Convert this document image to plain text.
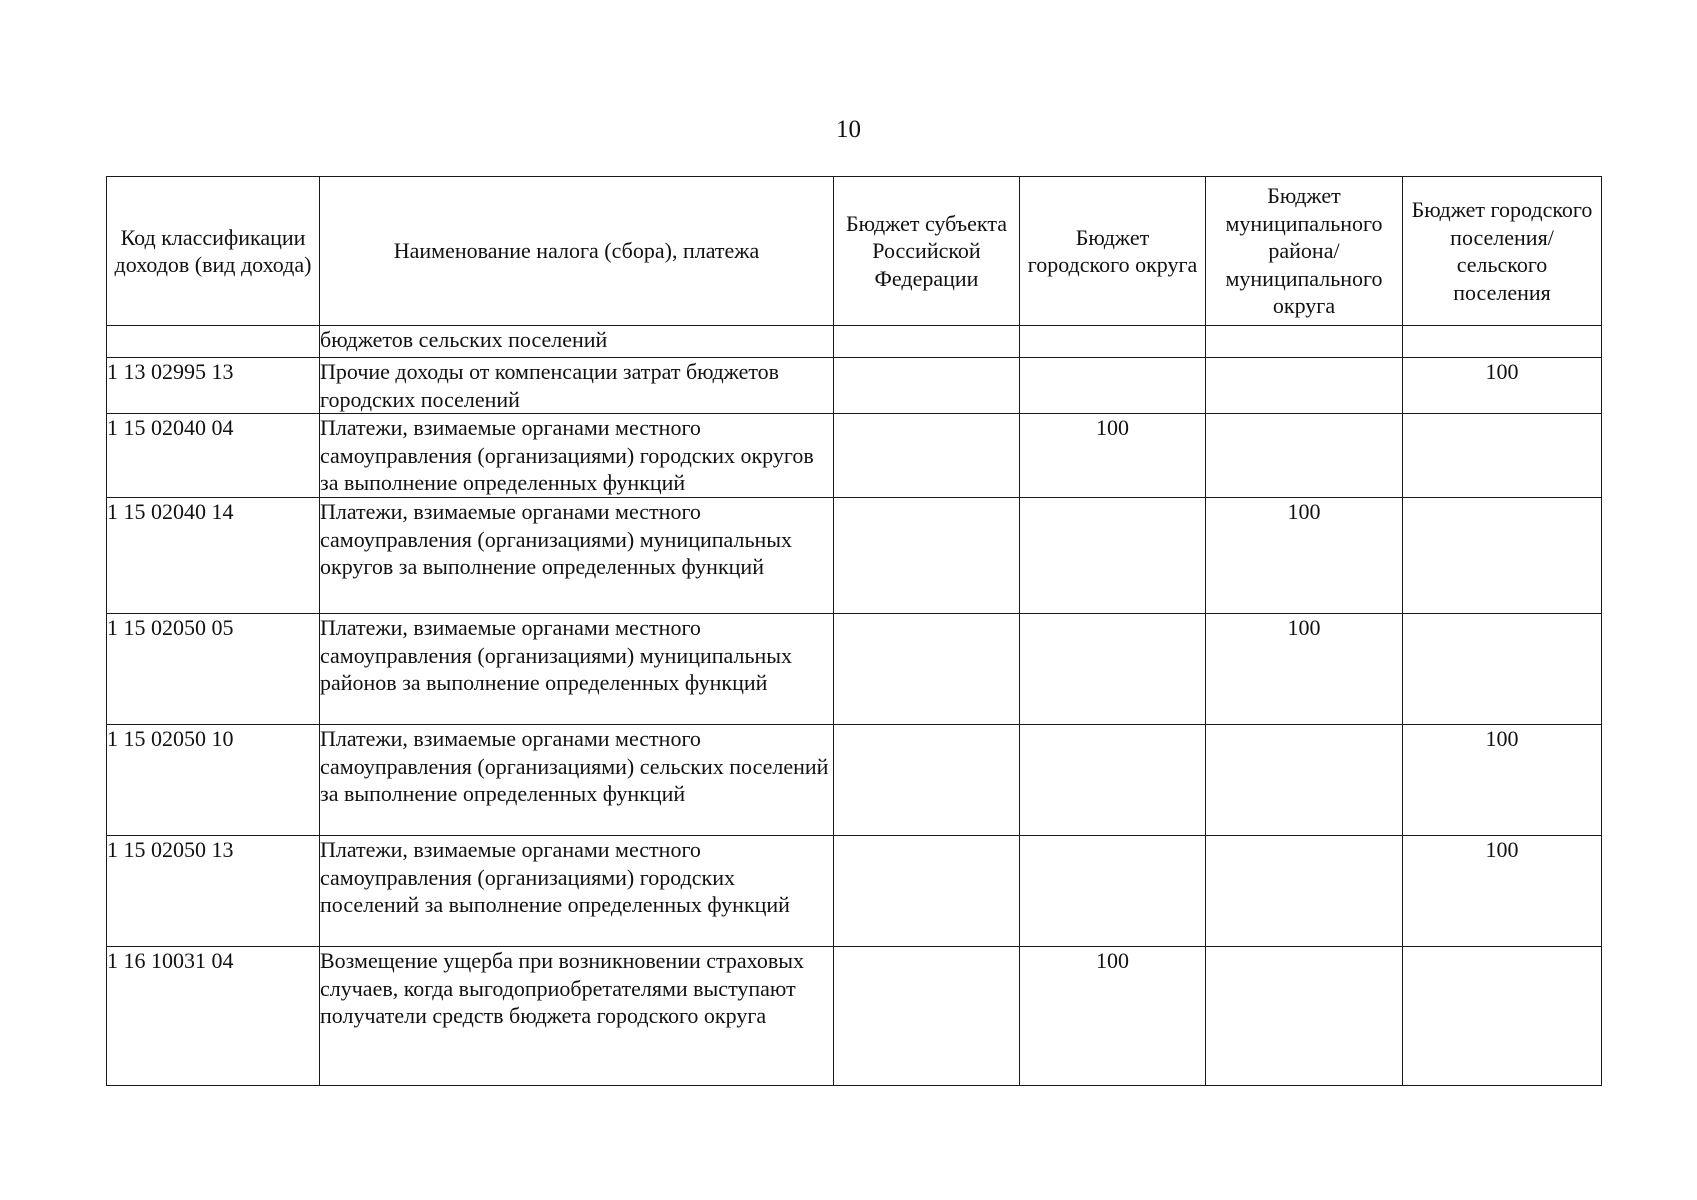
10
Код классификации доходов (вид дохода)	Наименование налога (сбора), платежа	Бюджет субъекта Российской Федерации	Бюджет городского округа	Бюджет муниципального района/ муниципального округа	Бюджет городского поселения/ сельского поселения
	бюджетов сельских поселений				
1 13 02995 13	Прочие доходы от компенсации затрат бюджетов городских поселений				100
1 15 02040 04	Платежи, взимаемые органами местного самоуправления (организациями) городских округов за выполнение определенных функций		100		
1 15 02040 14	Платежи, взимаемые органами местного самоуправления (организациями) муниципальных округов за выполнение определенных функций			100	
1 15 02050 05	Платежи, взимаемые органами местного самоуправления (организациями) муниципальных районов за выполнение определенных функций			100	
1 15 02050 10	Платежи, взимаемые органами местного самоуправления (организациями) сельских поселений за выполнение определенных функций				100
1 15 02050 13	Платежи, взимаемые органами местного самоуправления (организациями) городских поселений за выполнение определенных функций				100
1 16 10031 04	Возмещение ущерба при возникновении страховых случаев, когда выгодоприобретателями выступают получатели средств бюджета городского округа		100		
